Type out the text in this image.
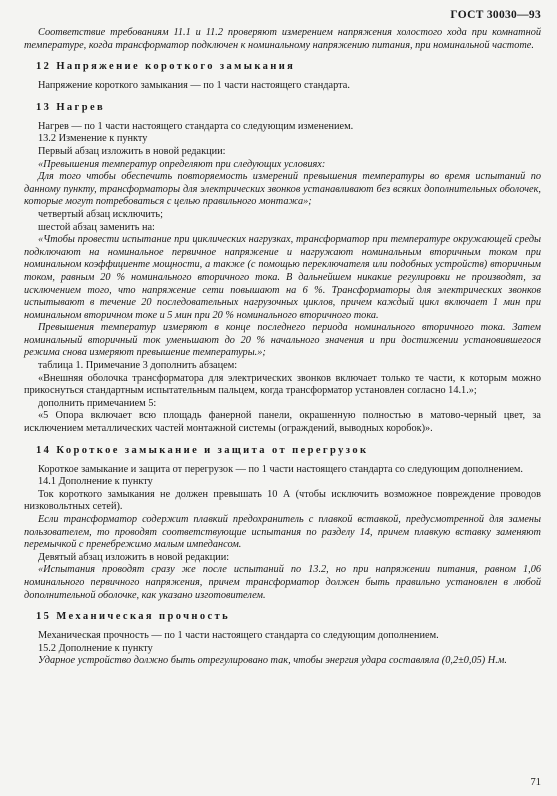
ГОСТ 30030—93

Соответствие требованиям 11.1 и 11.2 проверяют измерением напряжения холостого хода при комнатной температуре, когда трансформатор подключен к номинальному напряжению питания, при номинальной частоте.

12 Напряжение короткого замыкания

Напряжение короткого замыкания — по 1 части настоящего стандарта.

13 Нагрев

Нагрев — по 1 части настоящего стандарта со следующим изменением.

13.2 Изменение к пункту

Первый абзац изложить в новой редакции:

«Превышения температур определяют при следующих условиях:

Для того чтобы обеспечить повторяемость измерений превышения температуры во время испытаний по данному пункту, трансформаторы для электрических звонков устанавливают без всяких дополнительных оболочек, которые могут потребоваться с целью правильного монтажа»;

четвертый абзац исключить;

шестой абзац заменить на:

«Чтобы провести испытание при циклических нагрузках, трансформатор при температуре окружающей среды подключают на номинальное первичное напряжение и нагружают номинальным вторичным током при номинальном коэффициенте мощности, а также (с помощью переключателя или подобных устройств) вторичным током, равным 20 % номинального вторичного тока. В дальнейшем никакие регулировки не производят, за исключением того, что напряжение сети повышают на 6 %. Трансформаторы для электрических звонков испытывают в течение 20 последовательных нагрузочных циклов, причем каждый цикл включает 1 мин при номинальном вторичном токе и 5 мин при 20 % номинального вторичного тока.

Превышения температур измеряют в конце последнего периода номинального вторичного тока. Затем номинальный вторичный ток уменьшают до 20 % начального значения и при достижении установившегося режима снова измеряют превышение температуры.»;

таблица 1. Примечание 3 дополнить абзацем:

«Внешняя оболочка трансформатора для электрических звонков включает только те части, к которым можно прикоснуться стандартным испытательным пальцем, когда трансформатор установлен согласно 14.1.»;

дополнить примечанием 5:

«5 Опора включает всю площадь фанерной панели, окрашенную полностью в матово-черный цвет, за исключением металлических частей монтажной системы (ограждений, выводных коробок)».

14 Короткое замыкание и защита от перегрузок

Короткое замыкание и защита от перегрузок — по 1 части настоящего стандарта со следующим дополнением.

14.1 Дополнение к пункту

Ток короткого замыкания не должен превышать 10 А (чтобы исключить возможное повреждение проводов низковольтных сетей).

Если трансформатор содержит плавкий предохранитель с плавкой вставкой, предусмотренной для замены пользователем, то проводят соответствующие испытания по разделу 14, причем плавкую вставку заменяют перемычкой с пренебрежимо малым импедансом.

Девятый абзац изложить в новой редакции:

«Испытания проводят сразу же после испытаний по 13.2, но при напряжении питания, равном 1,06 номинального первичного напряжения, причем трансформатор должен быть правильно установлен в любой дополнительной оболочке, как указано изготовителем.

15 Механическая прочность

Механическая прочность — по 1 части настоящего стандарта со следующим дополнением.

15.2 Дополнение к пункту

Ударное устройство должно быть отрегулировано так, чтобы энергия удара составляла (0,2±0,05) Н.м.

71
